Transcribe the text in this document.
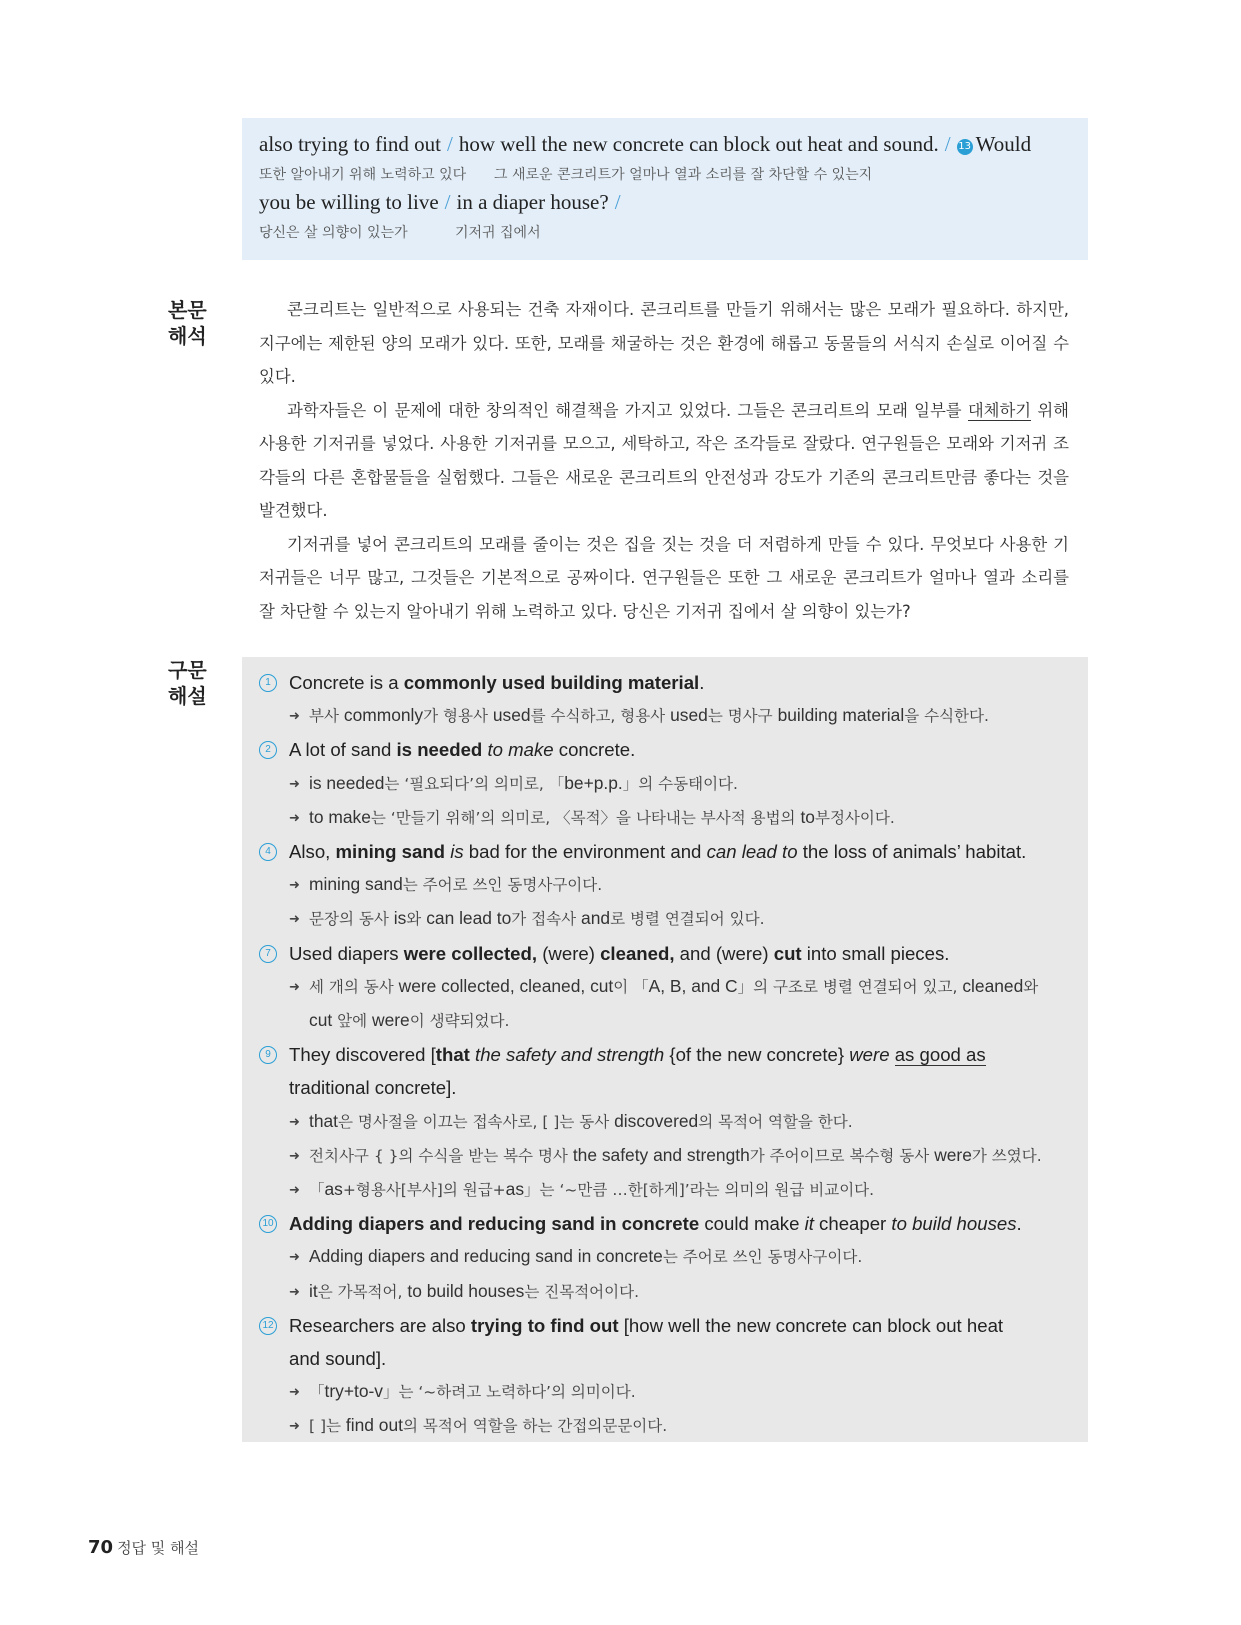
also trying to find out / how well the new concrete can block out heat and sound. / 13 Would
또한 알아내기 위해 노력하고 있다 그 새로운 콘크리트가 얼마나 열과 소리를 잘 차단할 수 있는지
you be willing to live / in a diaper house? /
당신은 살 의향이 있는가	기저귀 집에서
본문
해석

콘크리트는 일반적으로 사용되는 건축 자재이다. 콘크리트를 만들기 위해서는 많은 모래가 필요하다. 하지만, 지구에는 제한된 양의 모래가 있다. 또한, 모래를 채굴하는 것은 환경에 해롭고 동물들의 서식지 손실로 이어질 수 있다.

과학자들은 이 문제에 대한 창의적인 해결책을 가지고 있었다. 그들은 콘크리트의 모래 일부를 대체하기 위해 사용한 기저귀를 넣었다. 사용한 기저귀를 모으고, 세탁하고, 작은 조각들로 잘랐다. 연구원들은 모래와 기저귀 조각들의 다른 혼합물들을 실험했다. 그들은 새로운 콘크리트의 안전성과 강도가 기존의 콘크리트만큼 좋다는 것을 발견했다.

기저귀를 넣어 콘크리트의 모래를 줄이는 것은 집을 짓는 것을 더 저렴하게 만들 수 있다. 무엇보다 사용한 기저귀들은 너무 많고, 그것들은 기본적으로 공짜이다. 연구원들은 또한 그 새로운 콘크리트가 얼마나 열과 소리를 잘 차단할 수 있는지 알아내기 위해 노력하고 있다. 당신은 기저귀 집에서 살 의향이 있는가?

구문
해설
1 Concrete is a commonly used building material.
➜ 부사 commonly가 형용사 used를 수식하고, 형용사 used는 명사구 building material을 수식한다.
2 A lot of sand is needed to make concrete.
➜ is needed는 ‘필요되다’의 의미로, 「be+p.p.」의 수동태이다.
➜ to make는 ‘만들기 위해’의 의미로, 〈목적〉을 나타내는 부사적 용법의 to부정사이다.
4 Also, mining sand is bad for the environment and can lead to the loss of animals’ habitat.
➜ mining sand는 주어로 쓰인 동명사구이다.
➜ 문장의 동사 is와 can lead to가 접속사 and로 병렬 연결되어 있다.
7 Used diapers were collected, (were) cleaned, and (were) cut into small pieces.
➜ 세 개의 동사 were collected, cleaned, cut이 「A, B, and C」의 구조로 병렬 연결되어 있고, cleaned와
cut 앞에 were이 생략되었다.
9 They discovered [that the safety and strength {of the new concrete} were as good as
traditional concrete].
➜ that은 명사절을 이끄는 접속사로, [ ]는 동사 discovered의 목적어 역할을 한다.
➜ 전치사구 { }의 수식을 받는 복수 명사 the safety and strength가 주어이므로 복수형 동사 were가 쓰였다.
➜ 「as+형용사[부사]의 원급+as」는 ‘~만큼 …한[하게]’라는 의미의 원급 비교이다.
10 Adding diapers and reducing sand in concrete could make it cheaper to build houses.
➜ Adding diapers and reducing sand in concrete는 주어로 쓰인 동명사구이다.
➜ it은 가목적어, to build houses는 진목적어이다.
12 Researchers are also trying to find out [how well the new concrete can block out heat
and sound].
➜ 「try+to-v」는 ‘~하려고 노력하다’의 의미이다.
➜ [ ]는 find out의 목적어 역할을 하는 간접의문문이다.
70 정답 및 해설
